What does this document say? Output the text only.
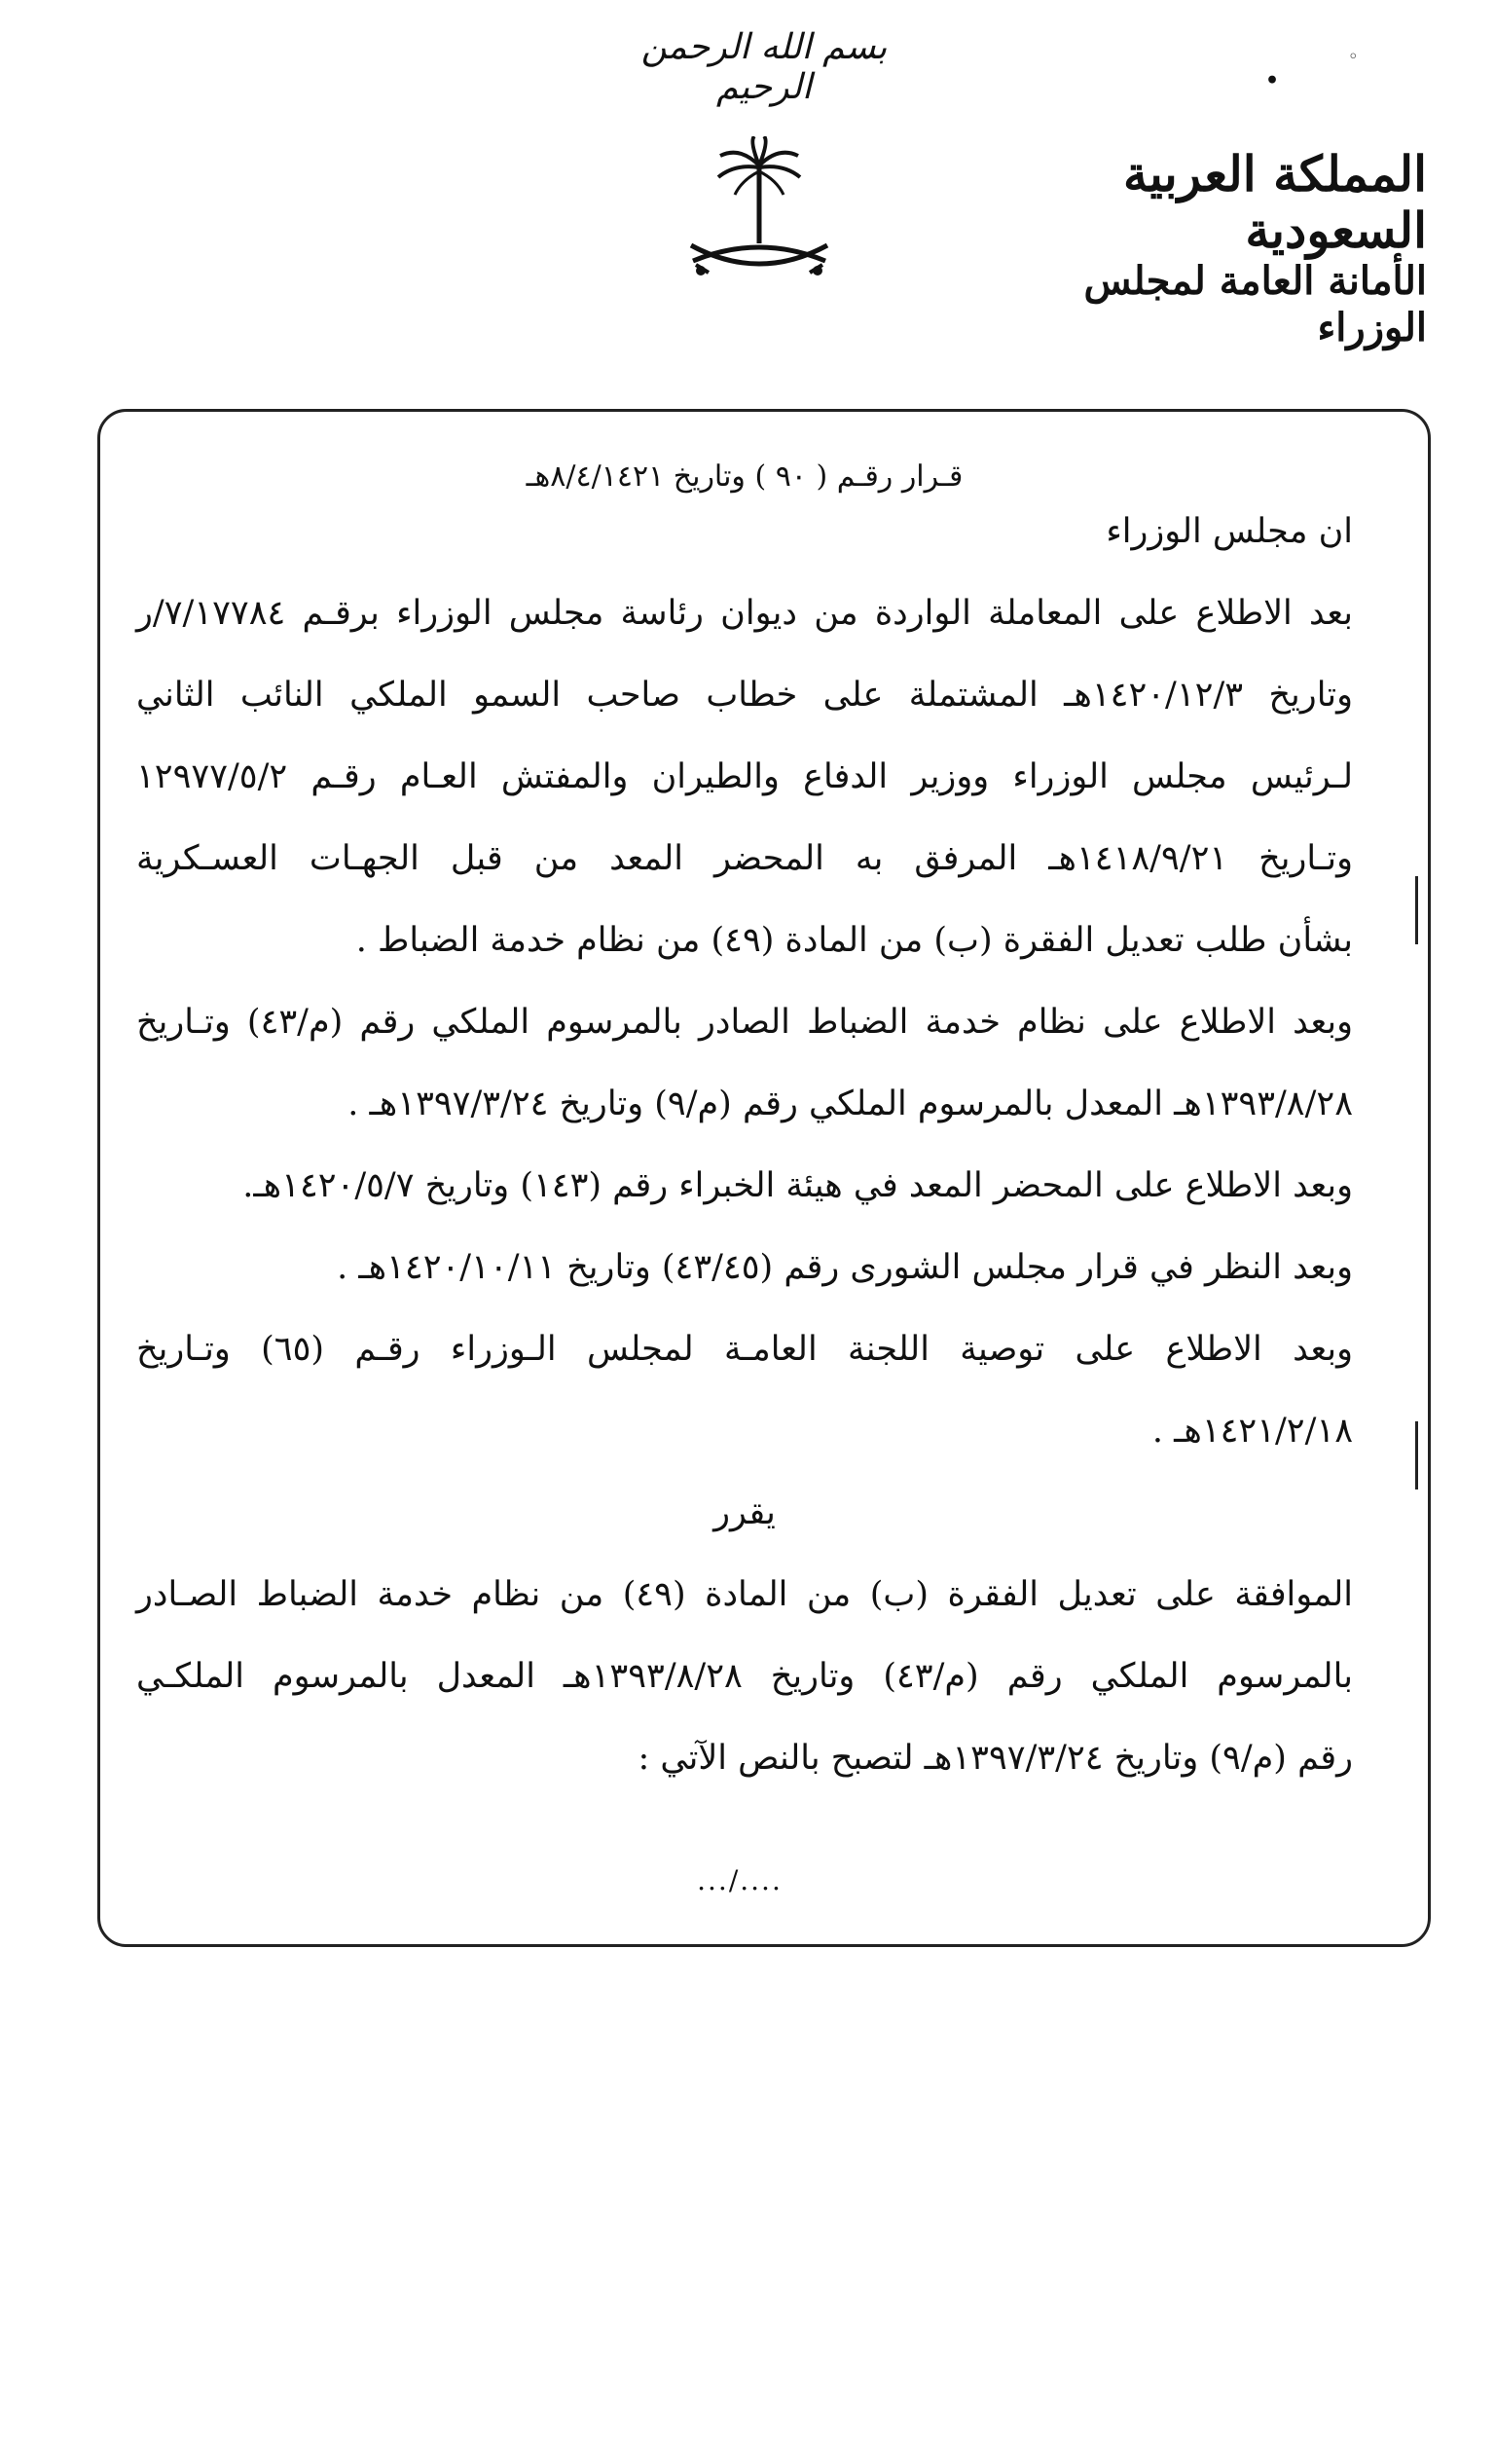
بسم الله الرحمن الرحيم
المملكة العربية السعودية
الأمانة العامة لمجلس الوزراء
•
◦
قـرار رقـم ( ٩٠ ) وتاريخ ٨/٤/١٤٢١هـ
ان مجلس الوزراء
بعد الاطلاع على المعاملة الواردة من ديوان رئاسة مجلس الوزراء برقـم ٧/١٧٧٨٤/ر
وتاريخ ١٤٢٠/١٢/٣هـ المشتملة على خطاب صاحب السمو الملكي النائب الثاني
لـرئيس مجلس الوزراء ووزير الدفاع والطيران والمفتش العـام رقـم ١٢٩٧٧/٥/٢
وتـاريخ ١٤١٨/٩/٢١هـ المرفق به المحضر المعد من قبل الجهـات العسـكرية
بشأن طلب تعديل الفقرة (ب) من المادة (٤٩) من نظام خدمة الضباط .
وبعد الاطلاع على نظام خدمة الضباط الصادر بالمرسوم الملكي رقم (م/٤٣) وتـاريخ
١٣٩٣/٨/٢٨هـ المعدل بالمرسوم الملكي رقم (م/٩) وتاريخ ١٣٩٧/٣/٢٤هـ .
وبعد الاطلاع على المحضر المعد في هيئة الخبراء رقم (١٤٣) وتاريخ ١٤٢٠/٥/٧هـ.
وبعد النظر في قرار مجلس الشورى رقم (٤٣/٤٥) وتاريخ ١٤٢٠/١٠/١١هـ .
وبعد الاطلاع على توصية اللجنة العامـة لمجلس الـوزراء رقـم (٦٥) وتـاريخ
١٤٢١/٢/١٨هـ .
يقرر
الموافقة على تعديل الفقرة (ب) من المادة (٤٩) من نظام خدمة الضباط الصـادر
بالمرسوم الملكي رقم (م/٤٣) وتاريخ ١٣٩٣/٨/٢٨هـ المعدل بالمرسوم الملكـي
رقم (م/٩) وتاريخ ١٣٩٧/٣/٢٤هـ لتصبح بالنص الآتي :
..../...
